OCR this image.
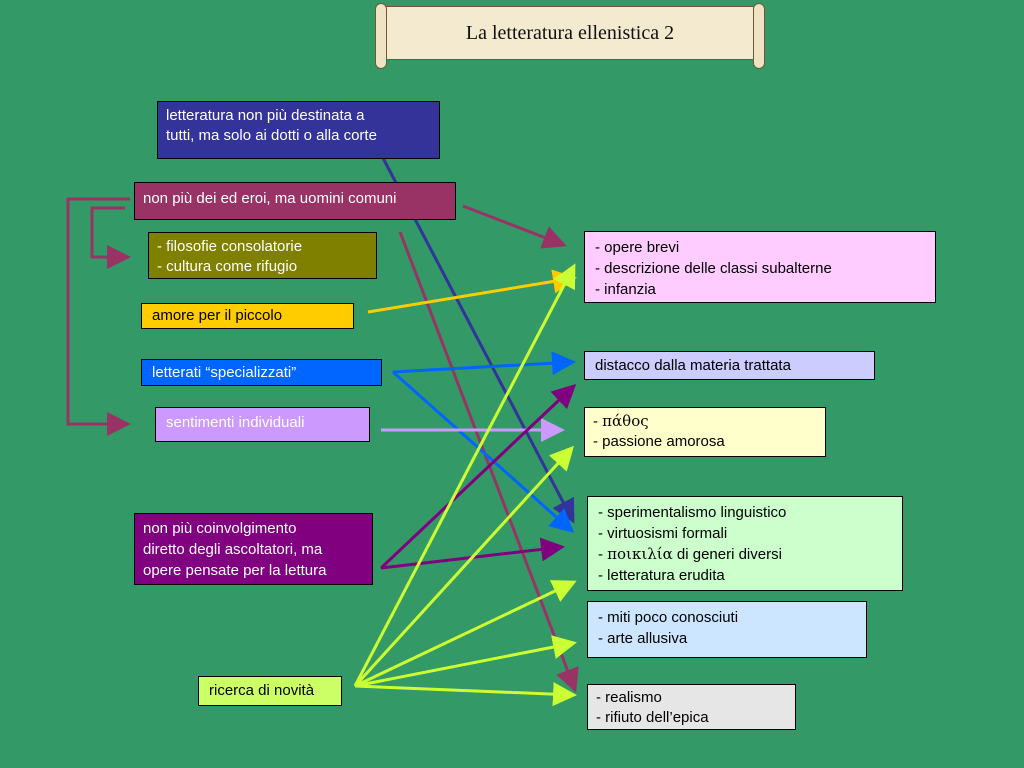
La letteratura ellenistica 2
letteratura non più destinata a
tutti, ma solo ai dotti o alla corte
non più dei ed eroi, ma uomini comuni
- filosofie consolatorie
- cultura come rifugio
amore per il piccolo
letterati “specializzati”
sentimenti individuali
non più coinvolgimento
diretto degli ascoltatori, ma
opere pensate per la lettura
ricerca di novità
- opere brevi
- descrizione delle classi subalterne
- infanzia
distacco dalla materia trattata
- πάθος
- passione amorosa
- sperimentalismo linguistico
- virtuosismi formali
- ποικιλία di generi diversi
- letteratura erudita
- miti poco conosciuti
- arte allusiva
- realismo
- rifiuto dell’epica
